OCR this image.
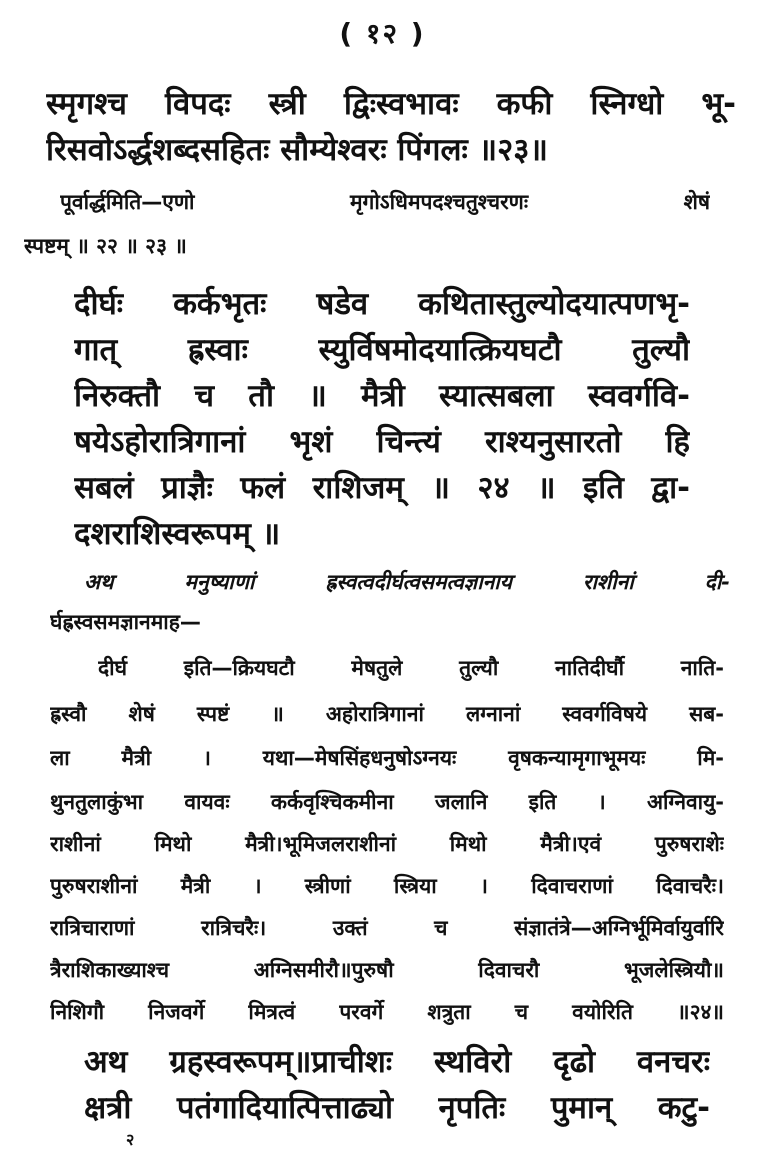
( १२ )
स्मृगश्च विपदः स्त्री द्विःस्वभावः कफी स्निग्धो भू-
रिसवोऽर्द्धशब्दसहितः सौम्येश्वरः पिंगलः ॥२३॥
पूर्वार्द्धमिति—एणो मृगोऽधिमपदश्चतुश्चरणः शेषं
स्पष्टम् ॥ २२ ॥ २३ ॥
दीर्घः कर्कभृतः षडेव कथितास्तुल्योदयात्पणभृ-
गात् ह्रस्वाः स्युर्विषमोदयात्क्रियघटौ तुल्यौ
निरुक्तौ च तौ ॥ मैत्री स्यात्सबला स्ववर्गवि-
षयेऽहोरात्रिगानां भृशं चिन्त्यं राश्यनुसारतो हि
सबलं प्राज्ञैः फलं राशिजम् ॥ २४ ॥ इति द्वा-
दशराशिस्वरूपम् ॥
अथ मनुष्याणां ह्रस्वत्वदीर्घत्वसमत्वज्ञानाय राशीनां दी-
र्घह्रस्वसमज्ञानमाह—
दीर्घ इति—क्रियघटौ मेषतुले तुल्यौ नातिदीर्घौ नाति-
ह्रस्वौ शेषं स्पष्टं ॥ अहोरात्रिगानां लग्नानां स्ववर्गविषये सब-
ला मैत्री । यथा—मेषसिंहधनुषोऽग्नयः वृषकन्यामृगाभूमयः मि-
थुनतुलाकुंभा वायवः कर्कवृश्चिकमीना जलानि इति । अग्निवायु-
राशीनां मिथो मैत्री।भूमिजलराशीनां मिथो मैत्री।एवं पुरुषराशेः
पुरुषराशीनां मैत्री । स्त्रीणां स्त्रिया । दिवाचराणां दिवाचरैः।
रात्रिचाराणां रात्रिचरैः। उक्तं च संज्ञातंत्रे—अग्निर्भूमिर्वायुर्वारि
त्रैराशिकाख्याश्च अग्निसमीरौ॥पुरुषौ दिवाचरौ भूजलेस्त्रियौ॥
निशिगौ निजवर्गे मित्रत्वं परवर्गे शत्रुता च वयोरिति ॥२४॥
अथ ग्रहस्वरूपम्॥प्राचीशः स्थविरो दृढो वनचरः
क्षत्री पतंगादियात्पित्ताढ्यो नृपतिः पुमान् कटु-
२
